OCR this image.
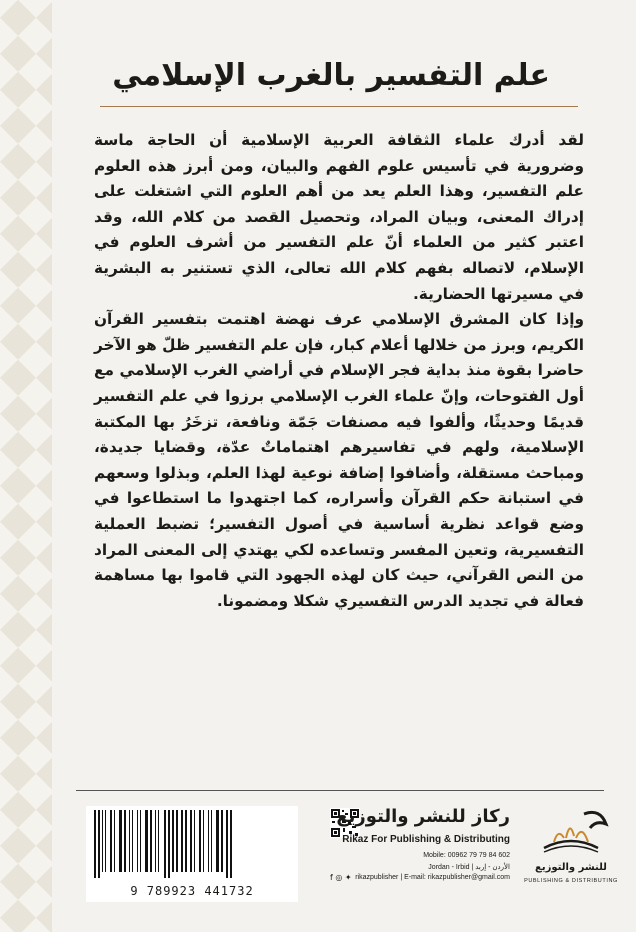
علم التفسير بالغرب الإسلامي

لقد أدرك علماء الثقافة العربية الإسلامية أن الحاجة ماسة وضرورية في تأسيس علوم الفهم والبيان، ومن أبرز هذه العلوم علم التفسير، وهذا العلم يعد من أهم العلوم التي اشتغلت على إدراك المعنى، وبيان المراد، وتحصيل القصد من كلام الله، وقد اعتبر كثير من العلماء أنّ علم التفسير من أشرف العلوم في الإسلام، لاتصاله بفهم كلام الله تعالى، الذي تستنير به البشرية في مسيرتها الحضارية.

وإذا كان المشرق الإسلامي عرف نهضة اهتمت بتفسير القرآن الكريم، وبرز من خلالها أعلام كبار، فإن علم التفسير ظلّ هو الآخر حاضرا بقوة منذ بداية فجر الإسلام في أراضي الغرب الإسلامي مع أول الفتوحات، وإنّ علماء الغرب الإسلامي برزوا في علم التفسير قديمًا وحديثًا، وألفوا فيه مصنفات جَمّة ونافعة، تزخَرُ بها المكتبة الإسلامية، ولهم في تفاسيرهم اهتماماتٌ عدّة، وقضايا جديدة، ومباحث مستقلة، وأضافوا إضافة نوعية لهذا العلم، وبذلوا وسعهم في استبانة حكم القرآن وأسراره، كما اجتهدوا ما استطاعوا في وضع قواعد نظرية أساسية في أصول التفسير؛ تضبط العملية التفسيرية، وتعين المفسر وتساعده لكي يهتدي إلى المعنى المراد من النص القرآني، حيث كان لهذه الجهود التي قاموا بها مساهمة فعالة في تجديد الدرس التفسيري شكلا ومضمونا.

9 789923 441732
ركاز للنشر والتوزيع
Rikaz For Publishing & Distributing
Mobile: 00962 79 79 84 602
Jordan - Irbid | الأردن - إربد
rikazpublisher | E-mail: rikazpublisher@gmail.com
f ◎ ✦
للنشر والتوزيع
PUBLISHING & DISTRIBUTING
